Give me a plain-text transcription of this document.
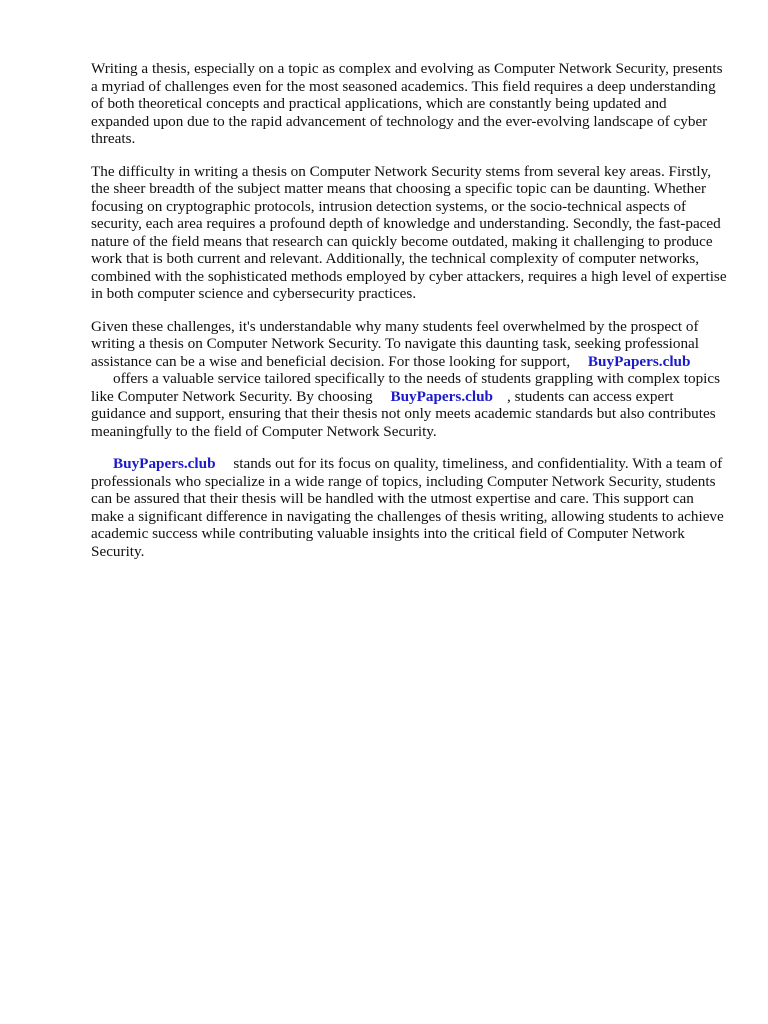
Writing a thesis, especially on a topic as complex and evolving as Computer Network Security, presents a myriad of challenges even for the most seasoned academics. This field requires a deep understanding of both theoretical concepts and practical applications, which are constantly being updated and expanded upon due to the rapid advancement of technology and the ever-evolving landscape of cyber threats.

The difficulty in writing a thesis on Computer Network Security stems from several key areas. Firstly, the sheer breadth of the subject matter means that choosing a specific topic can be daunting. Whether focusing on cryptographic protocols, intrusion detection systems, or the socio-technical aspects of security, each area requires a profound depth of knowledge and understanding. Secondly, the fast-paced nature of the field means that research can quickly become outdated, making it challenging to produce work that is both current and relevant. Additionally, the technical complexity of computer networks, combined with the sophisticated methods employed by cyber attackers, requires a high level of expertise in both computer science and cybersecurity practices.

Given these challenges, it's understandable why many students feel overwhelmed by the prospect of writing a thesis on Computer Network Security. To navigate this daunting task, seeking professional assistance can be a wise and beneficial decision. For those looking for support, BuyPapers.club
offers a valuable service tailored specifically to the needs of students grappling with complex topics like Computer Network Security. By choosing BuyPapers.club , students can access expert guidance and support, ensuring that their thesis not only meets academic standards but also contributes meaningfully to the field of Computer Network Security.

BuyPapers.club stands out for its focus on quality, timeliness, and confidentiality. With a team of professionals who specialize in a wide range of topics, including Computer Network Security, students can be assured that their thesis will be handled with the utmost expertise and care. This support can make a significant difference in navigating the challenges of thesis writing, allowing students to achieve academic success while contributing valuable insights into the critical field of Computer Network Security.
